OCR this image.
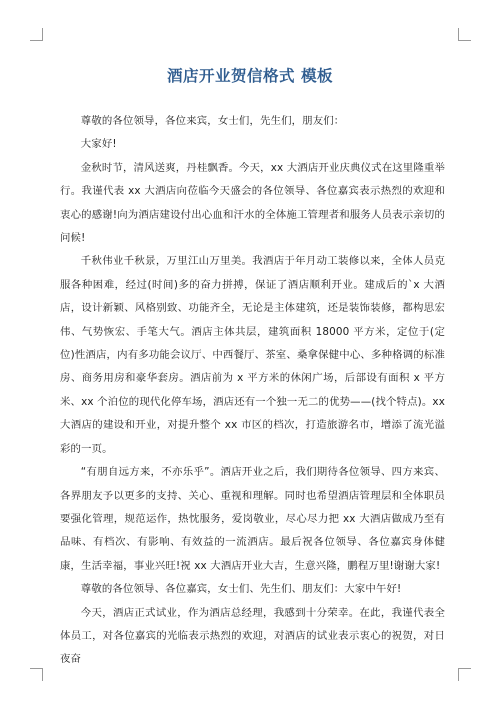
酒店开业贺信格式 模板

尊敬的各位领导，各位来宾，女士们，先生们，朋友们：

大家好!

金秋时节，清风送爽，丹桂飘香。今天，xx 大酒店开业庆典仪式在这里隆重举行。我谨代表 xx 大酒店向莅临今天盛会的各位领导、各位嘉宾表示热烈的欢迎和衷心的感谢!向为酒店建设付出心血和汗水的全体施工管理者和服务人员表示亲切的问候!

千秋伟业千秋景，万里江山万里美。我酒店于年月动工装修以来，全体人员克服各种困难，经过(时间)多的奋力拼搏，保证了酒店顺利开业。建成后的`x 大酒店，设计新颖、风格别致、功能齐全，无论是主体建筑，还是装饰装修，都构思宏伟、气势恢宏、手笔大气。酒店主体共层，建筑面积 18000 平方米，定位于(定位)性酒店，内有多功能会议厅、中西餐厅、茶室、桑拿保健中心、多种格调的标准房、商务用房和豪华套房。酒店前为 x 平方米的休闲广场，后部设有面积 x 平方米、xx 个泊位的现代化停车场，酒店还有一个独一无二的优势——(找个特点)。xx 大酒店的建设和开业，对提升整个 xx 市区的档次，打造旅游名市，增添了流光溢彩的一页。

“有朋自远方来，不亦乐乎”。酒店开业之后，我们期待各位领导、四方来宾、各界朋友予以更多的支持、关心、重视和理解。同时也希望酒店管理层和全体职员要强化管理，规范运作，热忱服务，爱岗敬业，尽心尽力把 xx 大酒店做成乃至有品味、有档次、有影响、有效益的一流酒店。最后祝各位领导、各位嘉宾身体健康，生活幸福，事业兴旺!祝 xx 大酒店开业大吉，生意兴隆，鹏程万里!谢谢大家!

尊敬的各位领导、各位嘉宾，女士们、先生们、朋友们：大家中午好!

今天，酒店正式试业，作为酒店总经理，我感到十分荣幸。在此，我谨代表全体员工，对各位嘉宾的光临表示热烈的欢迎，对酒店的试业表示衷心的祝贺，对日夜奋
